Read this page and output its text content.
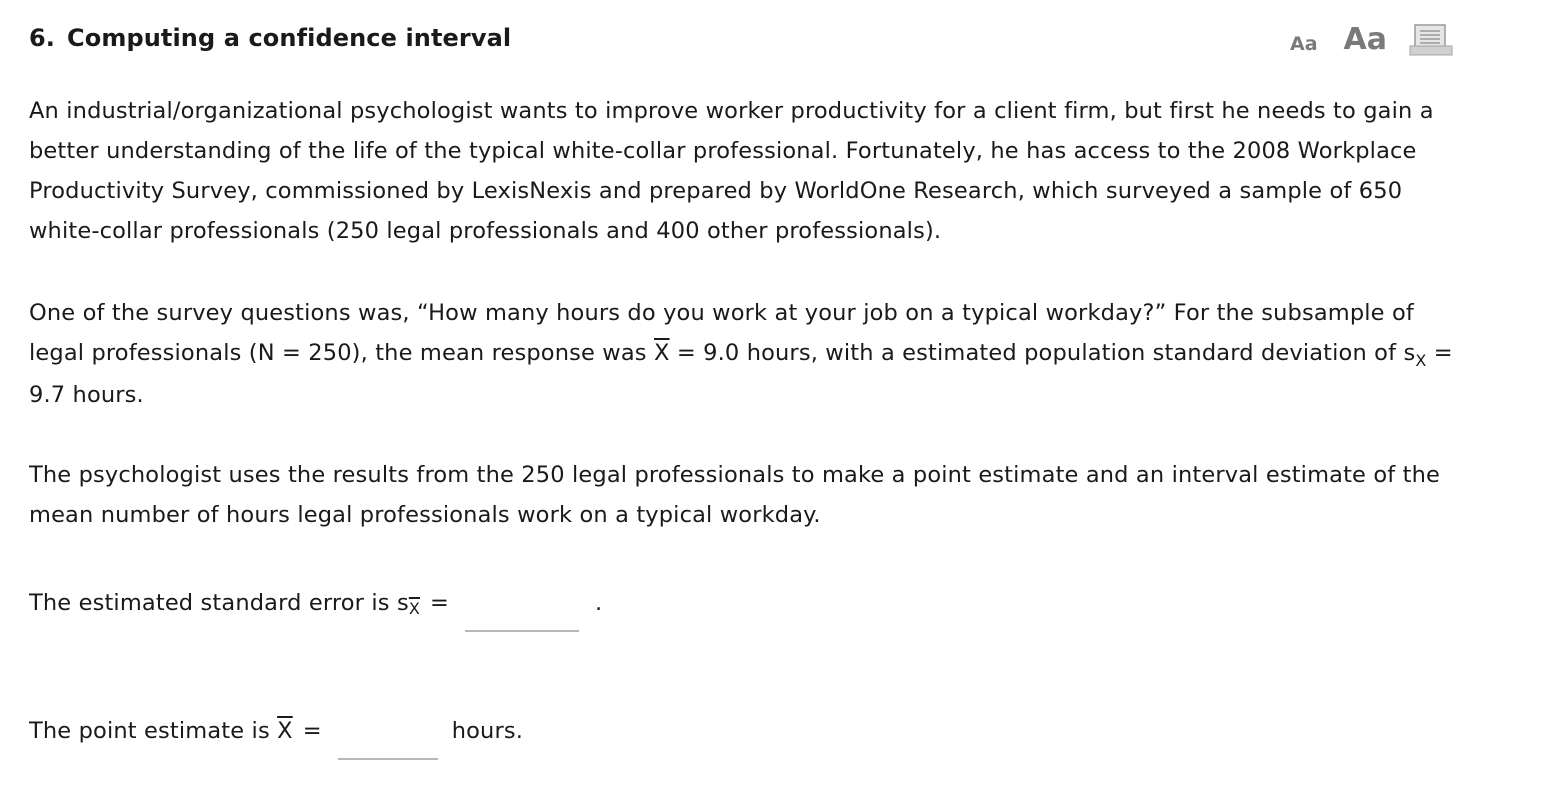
6. Computing a confidence interval	Aa Aa

An industrial/organizational psychologist wants to improve worker productivity for a client firm, but first he needs to gain a better understanding of the life of the typical white-collar professional. Fortunately, he has access to the 2008 Workplace Productivity Survey, commissioned by LexisNexis and prepared by WorldOne Research, which surveyed a sample of 650 white-collar professionals (250 legal professionals and 400 other professionals).

One of the survey questions was, “How many hours do you work at your job on a typical workday?” For the subsample of legal professionals (N = 250), the mean response was $\overline{X} = 9.0$ hours, with a estimated population standard deviation of $s_X = 9.7$ hours.

The psychologist uses the results from the 250 legal professionals to make a point estimate and an interval estimate of the mean number of hours legal professionals work on a typical workday.

The estimated standard error is s $\overline{X}$ =	.
The point estimate is $\overline{X}$ =	hours.
